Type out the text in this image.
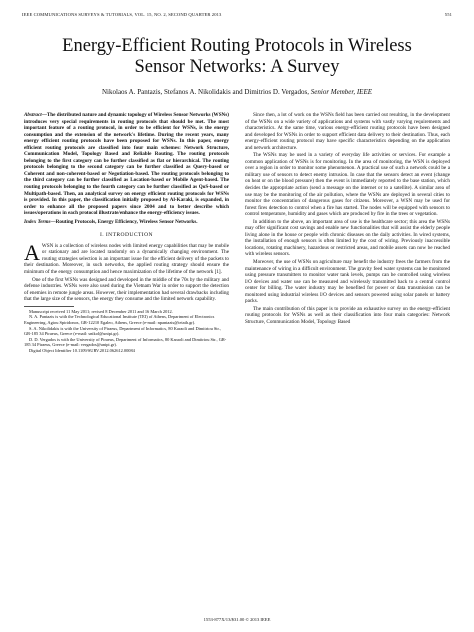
IEEE COMMUNICATIONS SURVEYS & TUTORIALS, VOL. 15, NO. 2, SECOND QUARTER 2013	551
Energy-Efficient Routing Protocols in Wireless
Sensor Networks: A Survey
Nikolaos A. Pantazis, Stefanos A. Nikolidakis and Dimitrios D. Vergados, Senior Member, IEEE

Abstract—The distributed nature and dynamic topology of Wireless Sensor Networks (WSNs) introduces very special requirements in routing protocols that should be met. The most important feature of a routing protocol, in order to be efficient for WSNs, is the energy consumption and the extension of the network's lifetime. During the recent years, many energy efficient routing protocols have been proposed for WSNs. In this paper, energy efficient routing protocols are classified into four main schemes: Network Structure, Communication Model, Topology Based and Reliable Routing. The routing protocols belonging to the first category can be further classified as flat or hierarchical. The routing protocols belonging to the second category can be further classified as Query-based or Coherent and non-coherent-based or Negotiation-based. The routing protocols belonging to the third category can be further classified as Location-based or Mobile Agent-based. The routing protocols belonging to the fourth category can be further classified as QoS-based or Multipath-based. Then, an analytical survey on energy efficient routing protocols for WSNs is provided. In this paper, the classification initially proposed by Al-Karaki, is expanded, in order to enhance all the proposed papers since 2004 and to better describe which issues/operations in each protocol illustrate/enhance the energy-efficiency issues.

Index Terms—Routing Protocols, Energy Efficiency, Wireless Sensor Networks.

I. INTRODUCTION

AWSN is a collection of wireless nodes with limited energy capabilities that may be mobile or stationary and are located randomly on a dynamically changing environment. The routing strategies selection is an important issue for the efficient delivery of the packets to their destination. Moreover, in such networks, the applied routing strategy should ensure the minimum of the energy consumption and hence maximization of the lifetime of the network [1].

One of the first WSNs was designed and developed in the middle of the 70s by the military and defense industries. WSNs were also used during the Vietnam War in order to support the detection of enemies in remote jungle areas. However, their implementation had several drawbacks including that the large size of the sensors, the energy they consume and the limited network capability.

Manuscript received 11 May 2011; revised 8 December 2011 and 16 March 2012.

N. A. Pantazis is with the Technological Educational Institute (TEI) of Athens, Department of Electronics Engineering, Agiou Spiridonos, GR-12210 Egaleo, Athens, Greece (e-mail: npantazis@teiath.gr).

S. A. Nikolidakis is with the University of Piraeus, Department of Informatics, 80 Karaoli and Dimitriou Str., GR-185 34 Piraeus, Greece (e-mail: snikol@unipi.gr).

D. D. Vergados is with the University of Piraeus, Department of Informatics, 80 Karaoli and Dimitriou Str., GR-185 34 Piraeus, Greece (e-mail: vergados@unipi.gr).

Digital Object Identifier 10.1109/SURV.2012.062612.00084

Since then, a lot of work on the WSNs field has been carried out resulting, in the development of the WSNs on a wide variety of applications and systems with vastly varying requirements and characteristics. At the same time, various energy-efficient routing protocols have been designed and developed for WSNs in order to support efficient data delivery to their destination. Thus, each energy-efficient routing protocol may have specific characteristics depending on the application and network architecture.

The WSNs may be used in a variety of everyday life activities or services. For example a common application of WSNs is for monitoring. In the area of monitoring, the WSN is deployed over a region in order to monitor some phenomenon. A practical use of such a network could be a military use of sensors to detect enemy intrusion. In case that the sensors detect an event (change on heat or on the blood pressure) then the event is immediately reported to the base station, which decides the appropriate action (send a message on the internet or to a satellite). A similar area of use may be the monitoring of the air pollution, where the WSNs are deployed in several cities to monitor the concentration of dangerous gases for citizens. Moreover, a WSN may be used for forest fires detection to control when a fire has started. The nodes will be equipped with sensors to control temperature, humidity and gases which are produced by fire in the trees or vegetation.

In addition to the above, an important area of use is the healthcare sector; this area the WSNs may offer significant cost savings and enable new functionalities that will assist the elderly people living alone in the house or people with chronic diseases on the daily activities. In wired systems, the installation of enough sensors is often limited by the cost of wiring. Previously inaccessible locations, rotating machinery, hazardous or restricted areas, and mobile assets can now be reached with wireless sensors.

Moreover, the use of WSNs on agriculture may benefit the industry frees the farmers from the maintenance of wiring in a difficult environment. The gravity feed water systems can be monitored using pressure transmitters to monitor water tank levels, pumps can be controlled using wireless I/O devices and water use can be measured and wirelessly transmitted back to a central control center for billing. The water industry may be benefited for power or data transmission can be monitored using industrial wireless I/O devices and sensors powered using solar panels or battery packs.

The main contribution of this paper is to provide an exhaustive survey on the energy-efficient routing protocols for WSNs as well as their classification into four main categories: Network Structure, Communication Model, Topology Based

1553-877X/13/$31.00 © 2013 IEEE
